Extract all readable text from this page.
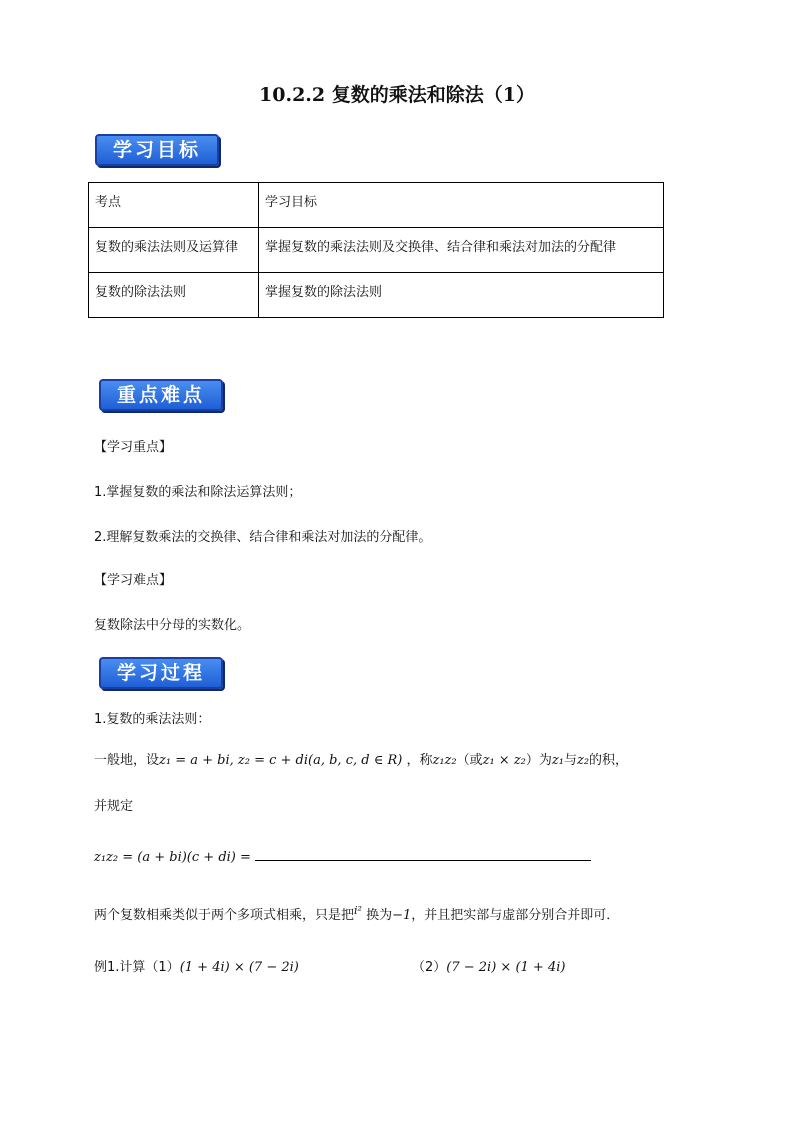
10.2.2 复数的乘法和除法（1）
学习目标
考点	学习目标
复数的乘法法则及运算律	掌握复数的乘法法则及交换律、结合律和乘法对加法的分配律
复数的除法法则	掌握复数的除法法则
重点难点
【学习重点】
1.掌握复数的乘法和除法运算法则；
2.理解复数乘法的交换律、结合律和乘法对加法的分配律。
【学习难点】
复数除法中分母的实数化。
学习过程
1.复数的乘法法则：
一般地，设z₁ = a + bi, z₂ = c + di(a, b, c, d ∈ R) ，称z₁z₂（或z₁ × z₂）为z₁与z₂的积，
并规定
z₁z₂ = (a + bi)(c + di) =
两个复数相乘类似于两个多项式相乘，只是把$^{i^2}$ 换为−1，并且把实部与虚部分别合并即可．
例1.计算（1）(1 + 4i) × (7 − 2i)	（2）(7 − 2i) × (1 + 4i)
